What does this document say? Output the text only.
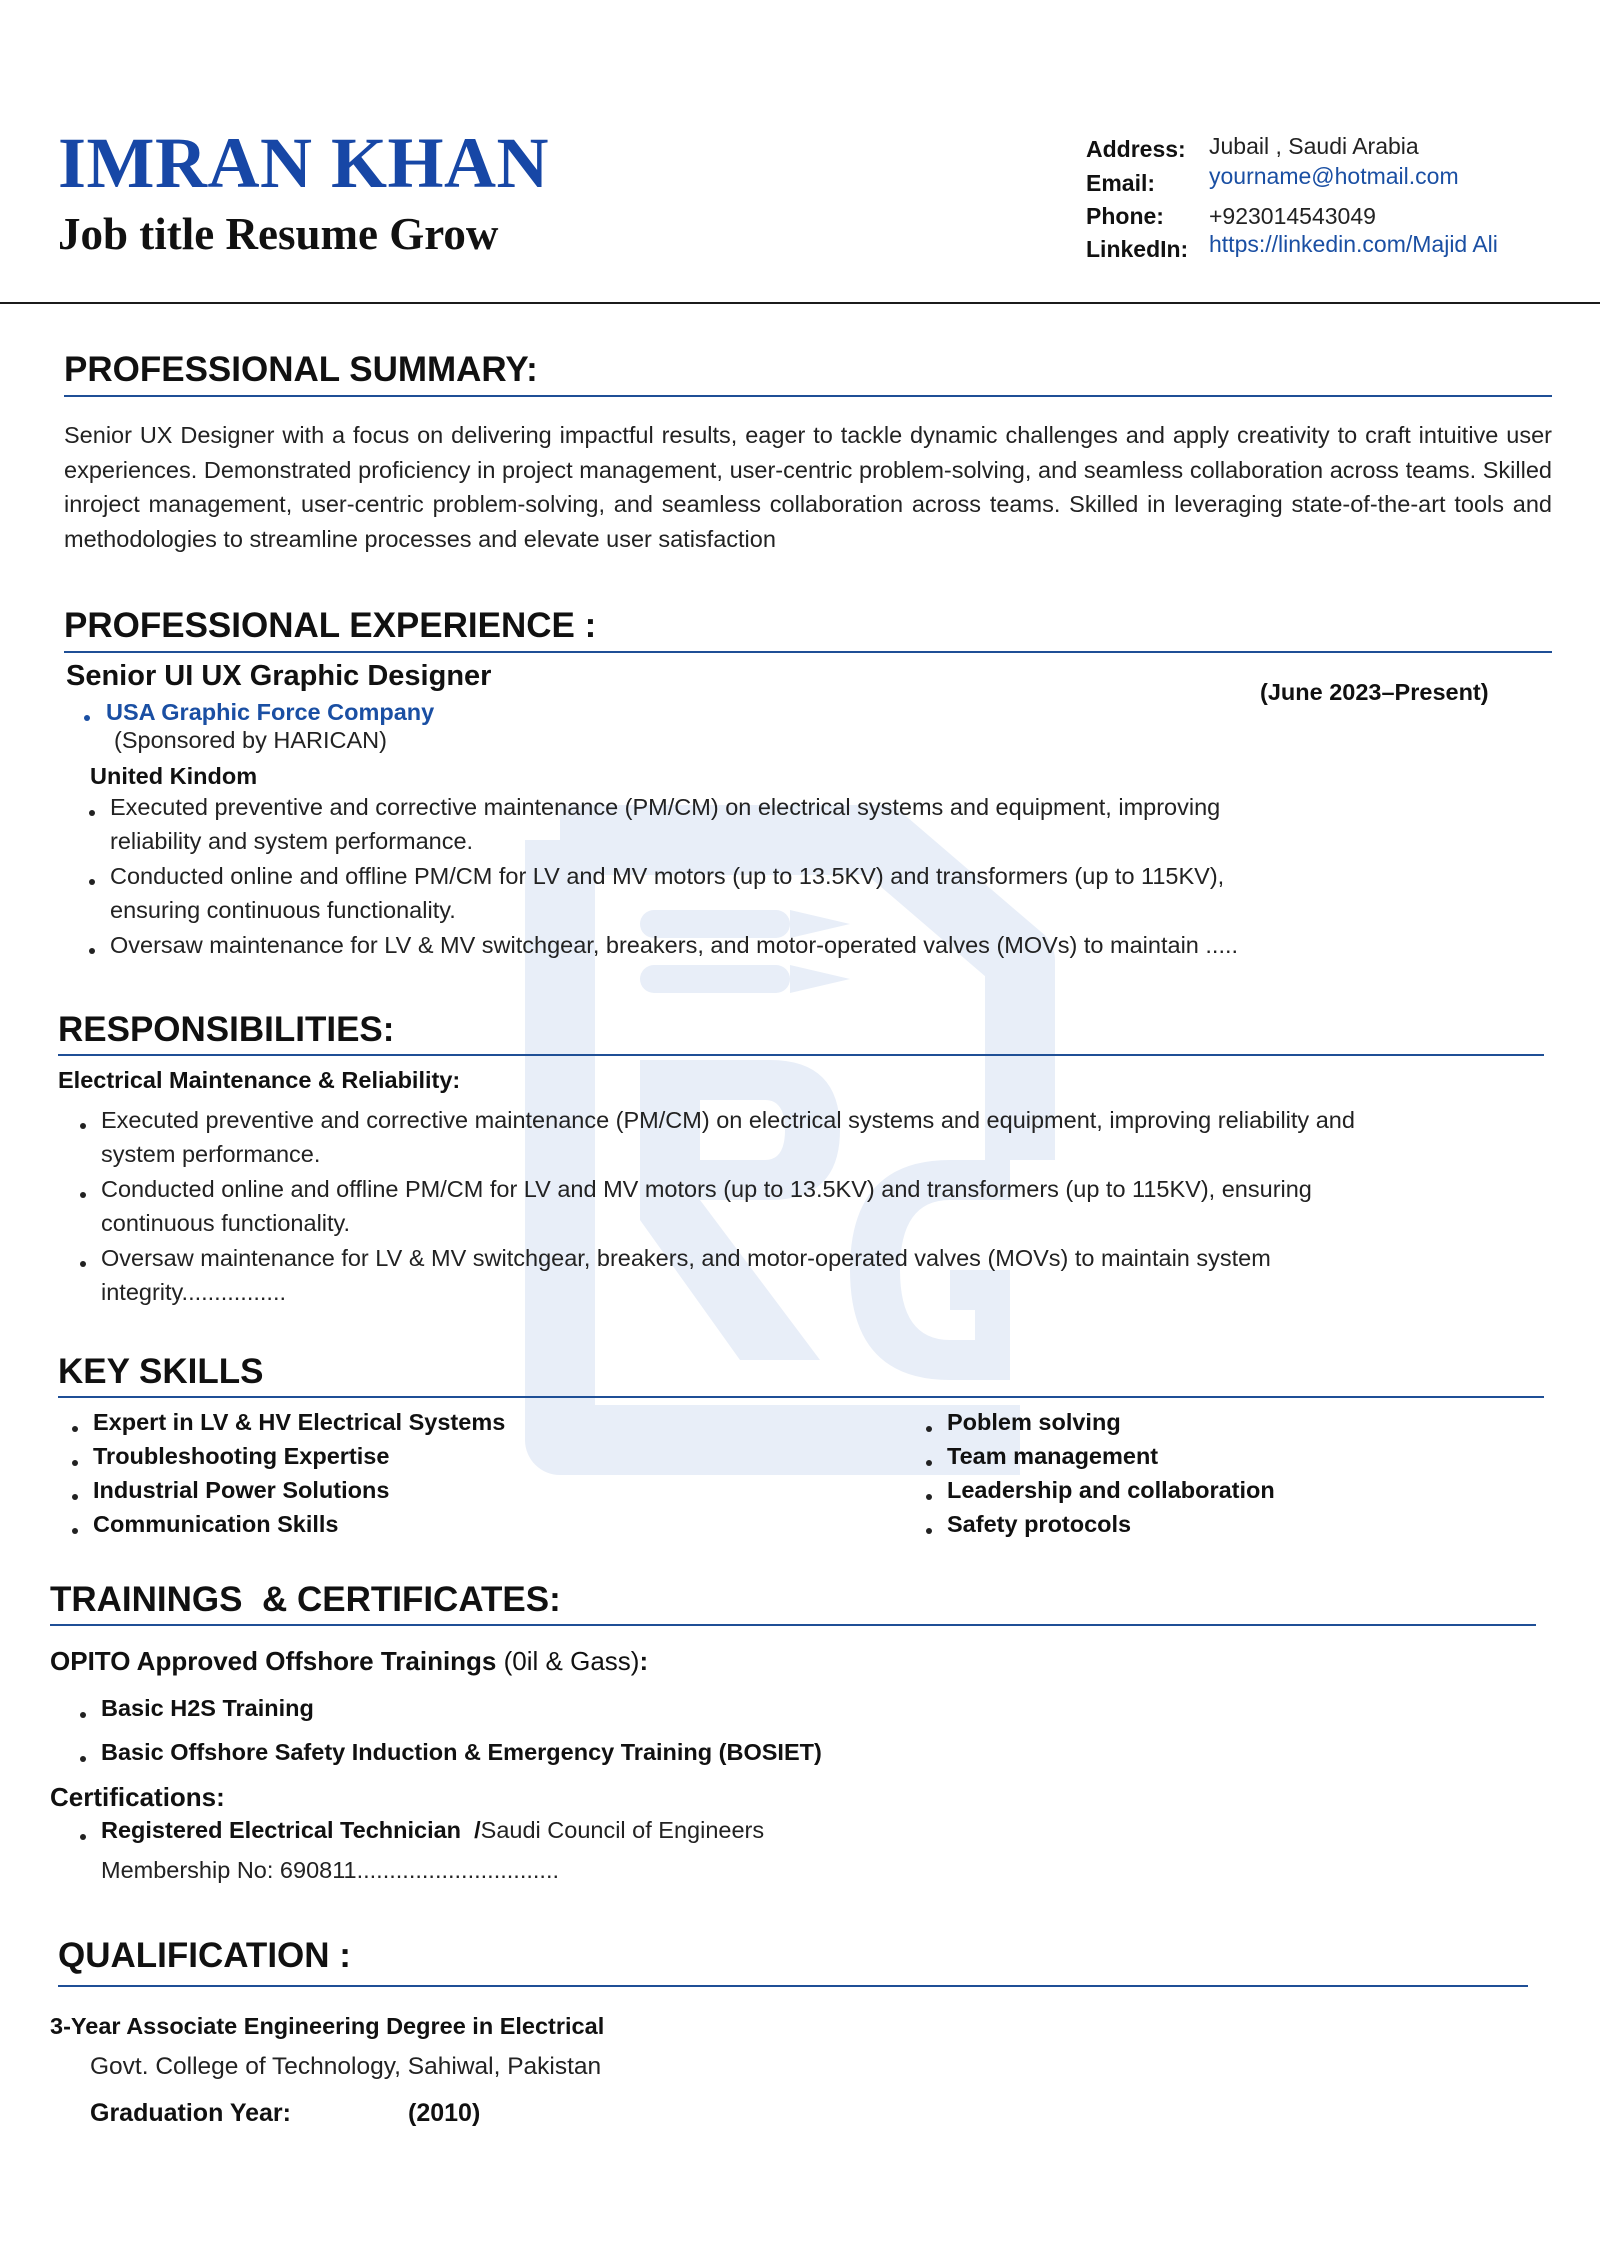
IMRAN KHAN
Job title Resume Grow
Address: Jubail , Saudi Arabia
Email: yourname@hotmail.com
Phone: +923014543049
LinkedIn: https://linkedin.com/Majid Ali
PROFESSIONAL SUMMARY:
Senior UX Designer with a focus on delivering impactful results, eager to tackle dynamic challenges and apply creativity to craft intuitive user experiences. Demonstrated proficiency in project management, user-centric problem-solving, and seamless collaboration across teams. Skilled inroject management, user-centric problem-solving, and seamless collaboration across teams. Skilled in leveraging state-of-the-art tools and methodologies to streamline processes and elevate user satisfaction
PROFESSIONAL EXPERIENCE :
Senior UI UX Graphic Designer	(June 2023–Present)
USA Graphic Force Company
(Sponsored by HARICAN)
United Kindom
Executed preventive and corrective maintenance (PM/CM) on electrical systems and equipment, improving
reliability and system performance.
Conducted online and offline PM/CM for LV and MV motors (up to 13.5KV) and transformers (up to 115KV),
ensuring continuous functionality.
Oversaw maintenance for LV & MV switchgear, breakers, and motor-operated valves (MOVs) to maintain .....
RESPONSIBILITIES:
Electrical Maintenance & Reliability:
Executed preventive and corrective maintenance (PM/CM) on electrical systems and equipment, improving reliability and
system performance.
Conducted online and offline PM/CM for LV and MV motors (up to 13.5KV) and transformers (up to 115KV), ensuring
continuous functionality.
Oversaw maintenance for LV & MV switchgear, breakers, and motor-operated valves (MOVs) to maintain system
integrity................
KEY SKILLS
Expert in LV & HV Electrical Systems
Troubleshooting Expertise
Industrial Power Solutions
Communication Skills
Poblem solving
Team management
Leadership and collaboration
Safety protocols
TRAININGS  & CERTIFICATES:
OPITO Approved Offshore Trainings (0il & Gass):
Basic H2S Training
Basic Offshore Safety Induction & Emergency Training (BOSIET)
Certifications:
Registered Electrical Technician  /Saudi Council of Engineers
Membership No: 690811...............................
QUALIFICATION :
3-Year Associate Engineering Degree in Electrical
Govt. College of Technology, Sahiwal, Pakistan
Graduation Year:	(2010)
